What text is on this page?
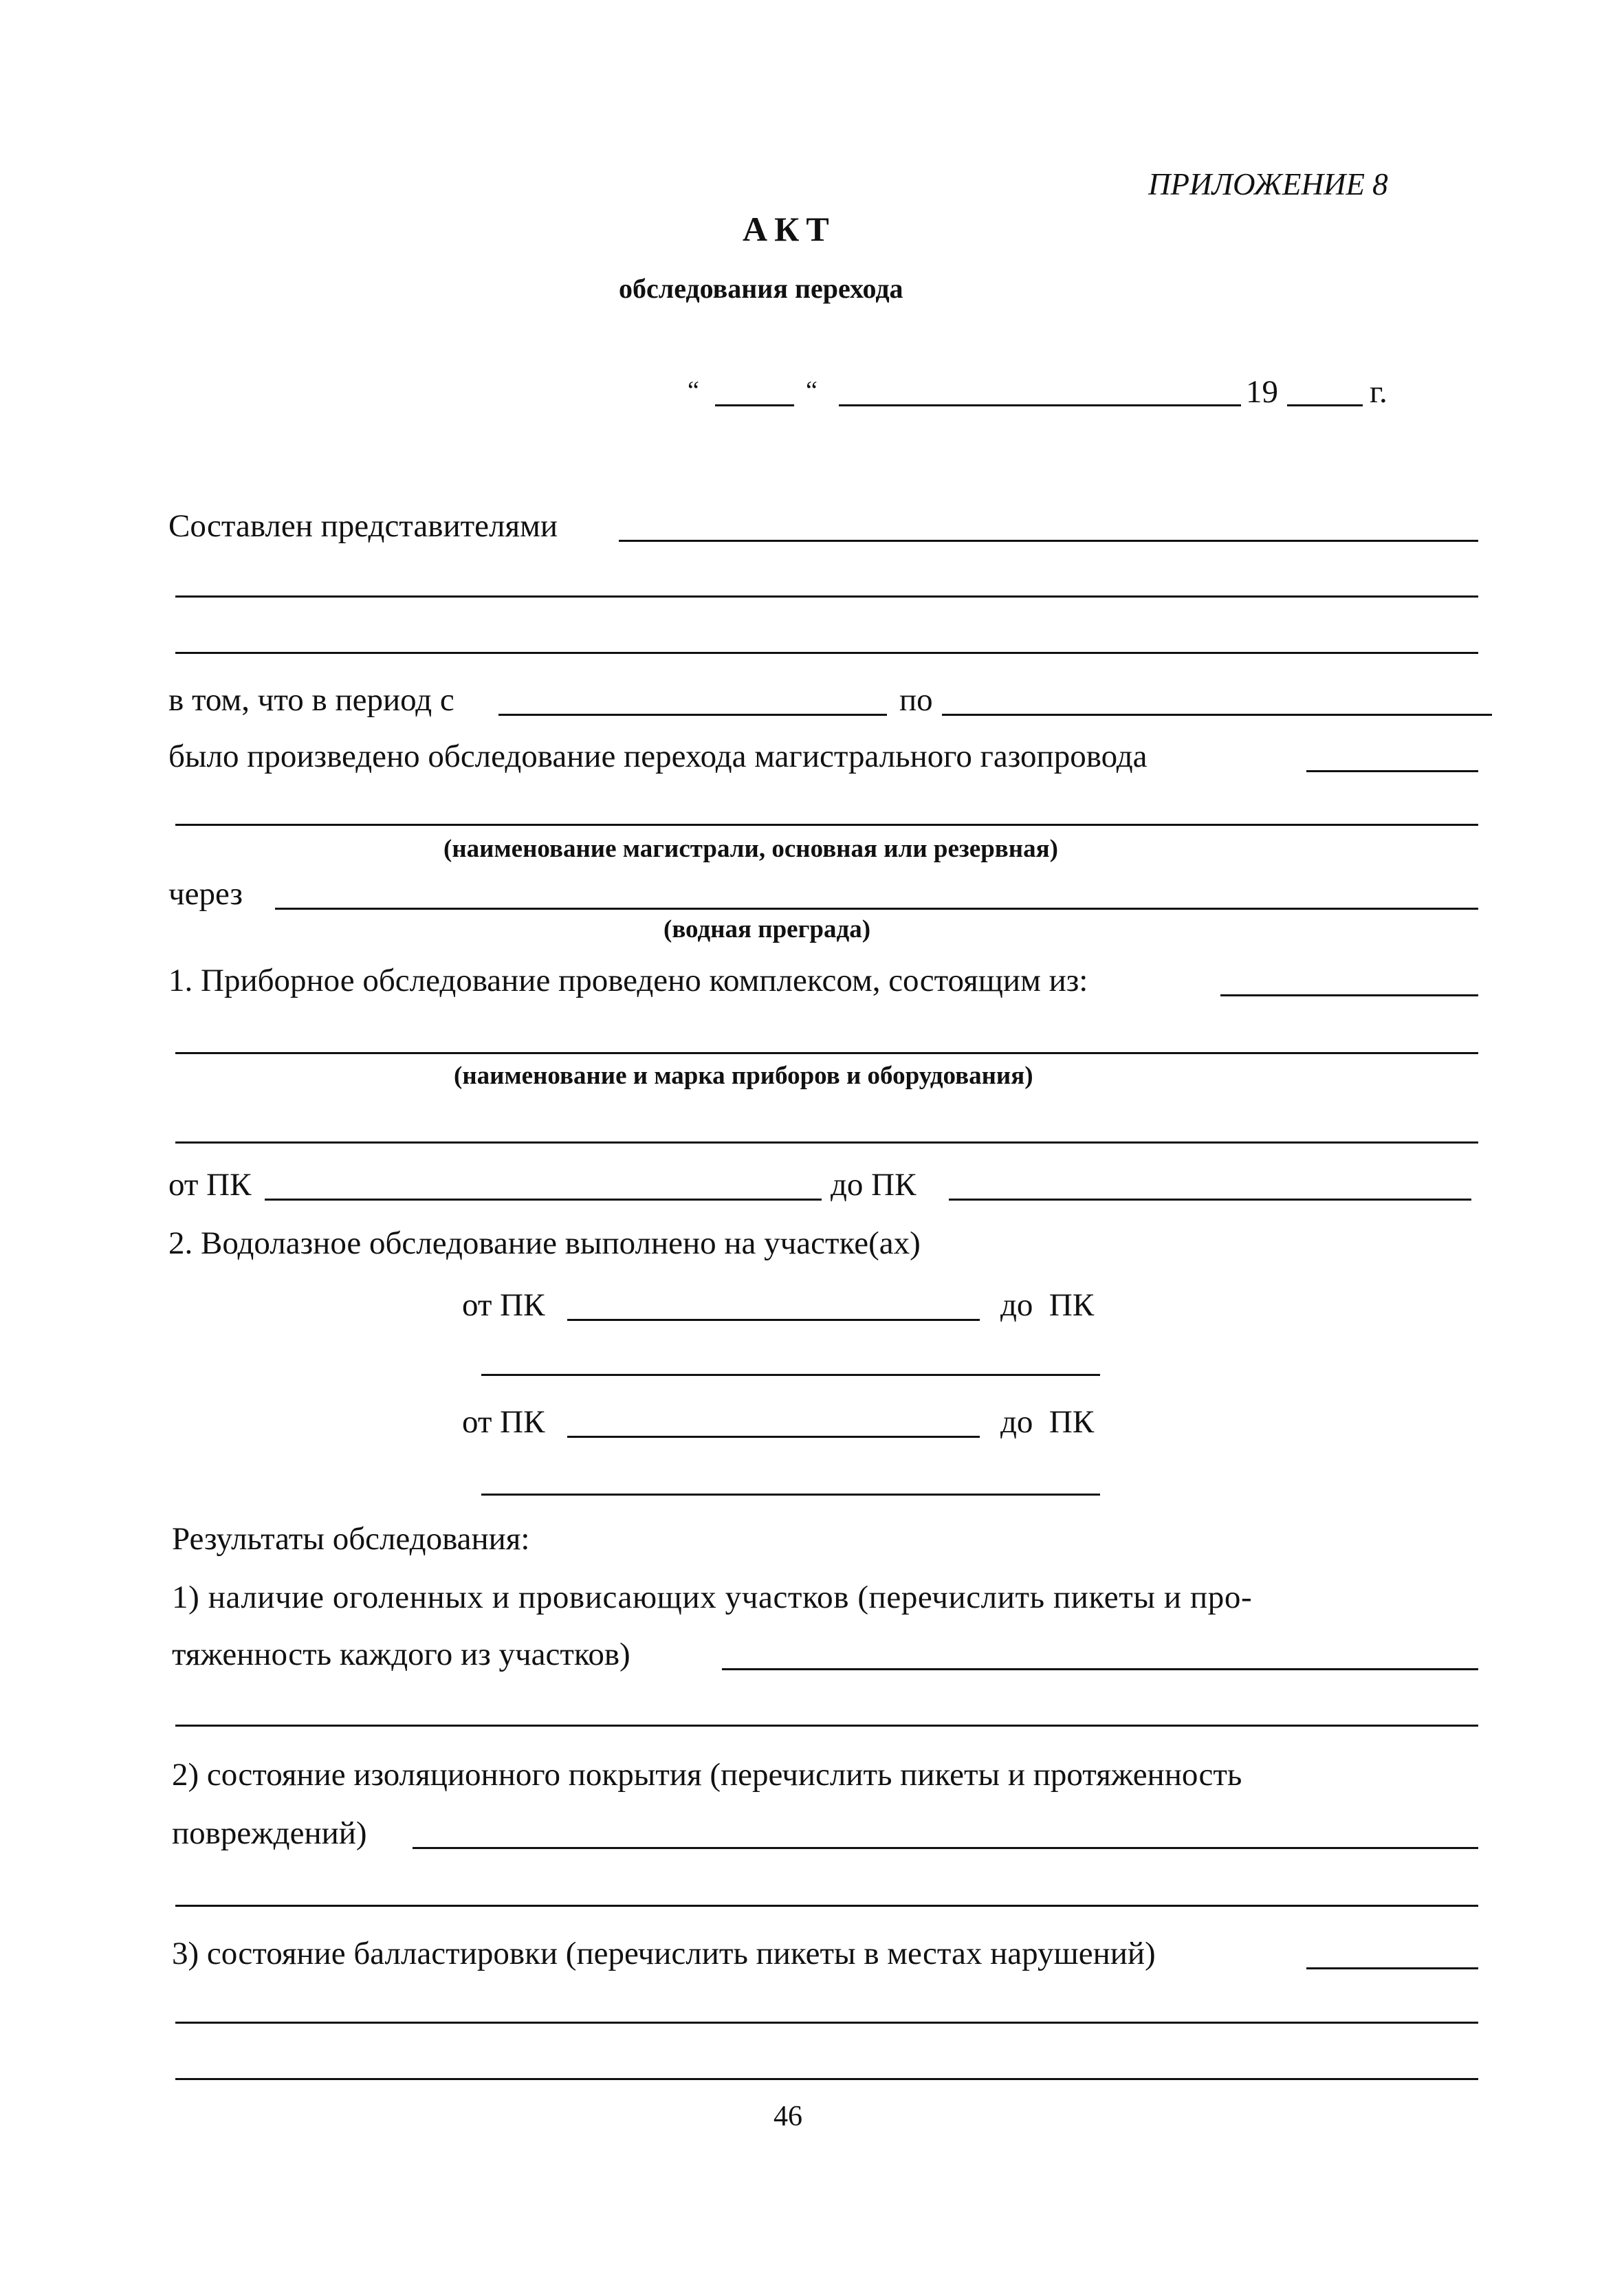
ПРИЛОЖЕНИЕ 8
АКТ
обследования перехода
“	“	19	г.
Составлен представителями
в том, что в период с	по
было произведено обследование перехода магистрального газопровода
(наименование магистрали, основная или резервная)
через
(водная преграда)
1. Приборное обследование проведено комплексом, состоящим из:
(наименование и марка приборов и оборудования)
от ПК	до ПК
2. Водолазное обследование выполнено на участке(ах)
от ПК	до  ПК
от ПК	до  ПК
Результаты обследования:
1) наличие оголенных и провисающих участков (перечислить пикеты и про-
тяженность каждого из участков)
2) состояние изоляционного покрытия (перечислить пикеты и протяженность
повреждений)
3) состояние балластировки (перечислить пикеты в местах нарушений)
46
